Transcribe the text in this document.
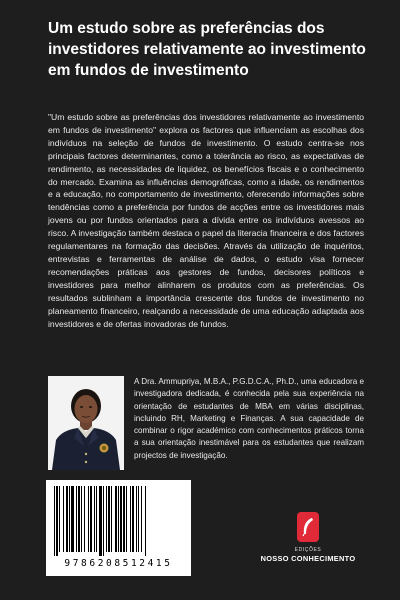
Um estudo sobre as preferências dos investidores relativamente ao investimento em fundos de investimento

"Um estudo sobre as preferências dos investidores relativamente ao investimento em fundos de investimento" explora os factores que influenciam as escolhas dos indivíduos na seleção de fundos de investimento. O estudo centra-se nos principais factores determinantes, como a tolerância ao risco, as expectativas de rendimento, as necessidades de liquidez, os benefícios fiscais e o conhecimento do mercado. Examina as influências demográficas, como a idade, os rendimentos e a educação, no comportamento de investimento, oferecendo informações sobre tendências como a preferência por fundos de acções entre os investidores mais jovens ou por fundos orientados para a dívida entre os indivíduos avessos ao risco. A investigação também destaca o papel da literacia financeira e dos factores regulamentares na formação das decisões. Através da utilização de inquéritos, entrevistas e ferramentas de análise de dados, o estudo visa fornecer recomendações práticas aos gestores de fundos, decisores políticos e investidores para melhor alinharem os produtos com as preferências. Os resultados sublinham a importância crescente dos fundos de investimento no planeamento financeiro, realçando a necessidade de uma educação adaptada aos investidores e de ofertas inovadoras de fundos.

A Dra. Ammupriya, M.B.A., P.G.D.C.A., Ph.D., uma educadora e investigadora dedicada, é conhecida pela sua experiência na orientação de estudantes de MBA em várias disciplinas, incluindo RH, Marketing e Finanças. A sua capacidade de combinar o rigor académico com conhecimentos práticos torna a sua orientação inestimável para os estudantes que realizam projectos de investigação.

9786208512415
EDIÇÕES
NOSSO CONHECIMENTO
